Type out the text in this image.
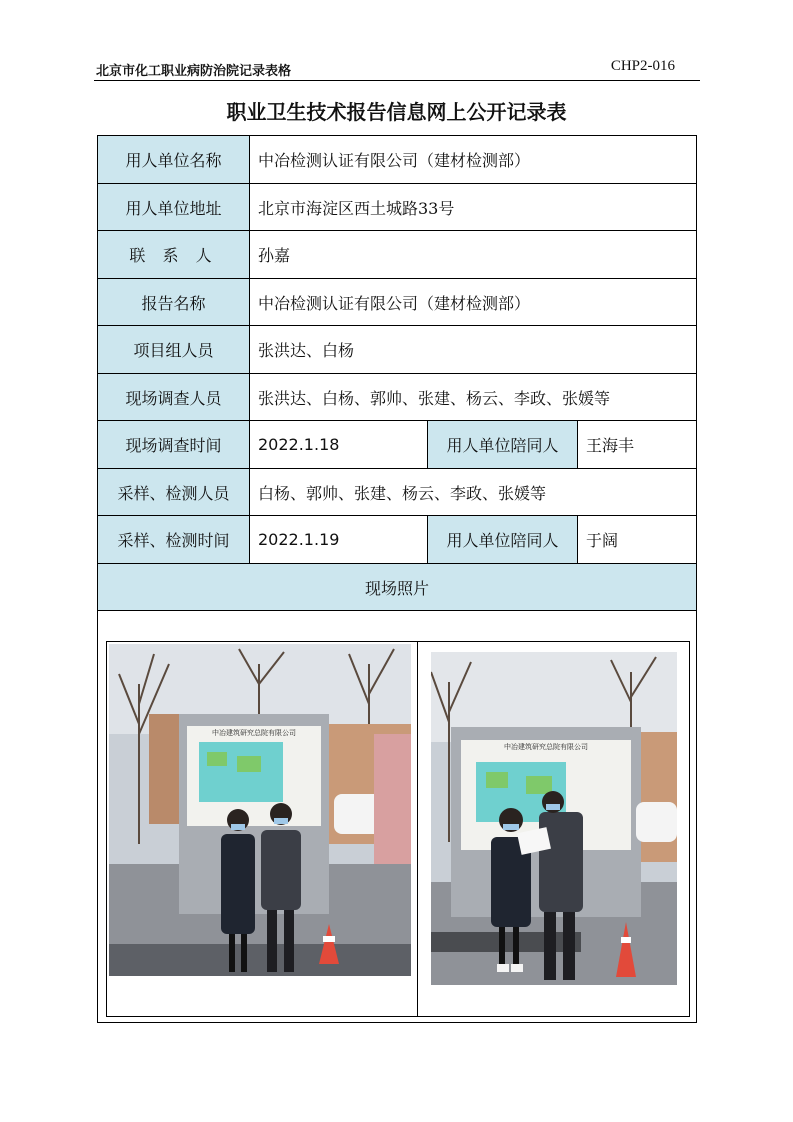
北京市化工职业病防治院记录表格	CHP2-016
职业卫生技术报告信息网上公开记录表
用人单位名称	中冶检测认证有限公司（建材检测部）
用人单位地址	北京市海淀区西土城路33号
联 系 人	孙嘉
报告名称	中冶检测认证有限公司（建材检测部）
项目组人员	张洪达、白杨
现场调查人员	张洪达、白杨、郭帅、张建、杨云、李政、张媛等
现场调查时间	2022.1.18	用人单位陪同人	王海丰
采样、检测人员	白杨、郭帅、张建、杨云、李政、张媛等
采样、检测时间	2022.1.19	用人单位陪同人	于阔
现场照片
中冶建筑研究总院有限公司
中冶建筑研究总院有限公司
